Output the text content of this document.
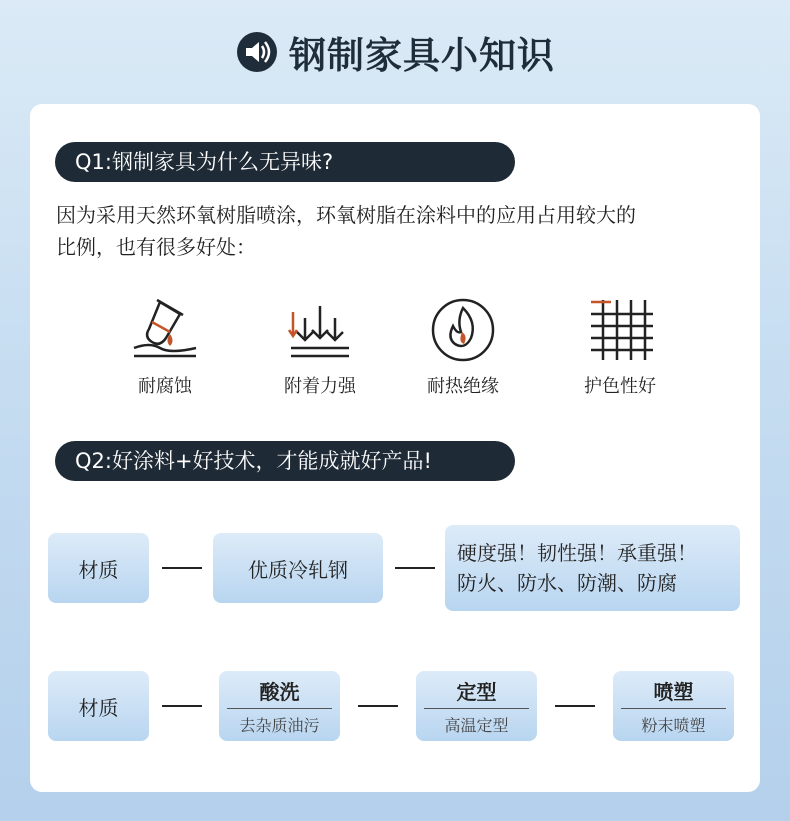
钢制家具小知识
Q1:钢制家具为什么无异味?
因为采用天然环氧树脂喷涂，环氧树脂在涂料中的应用占用较大的
比例，也有很多好处：
耐腐蚀	附着力强	耐热绝缘	护色性好
Q2:好涂料+好技术，才能成就好产品!
材质	优质冷轧钢
硬度强！韧性强！承重强！
防火、防水、防潮、防腐
材质
酸洗
去杂质油污
定型
高温定型
喷塑
粉末喷塑
